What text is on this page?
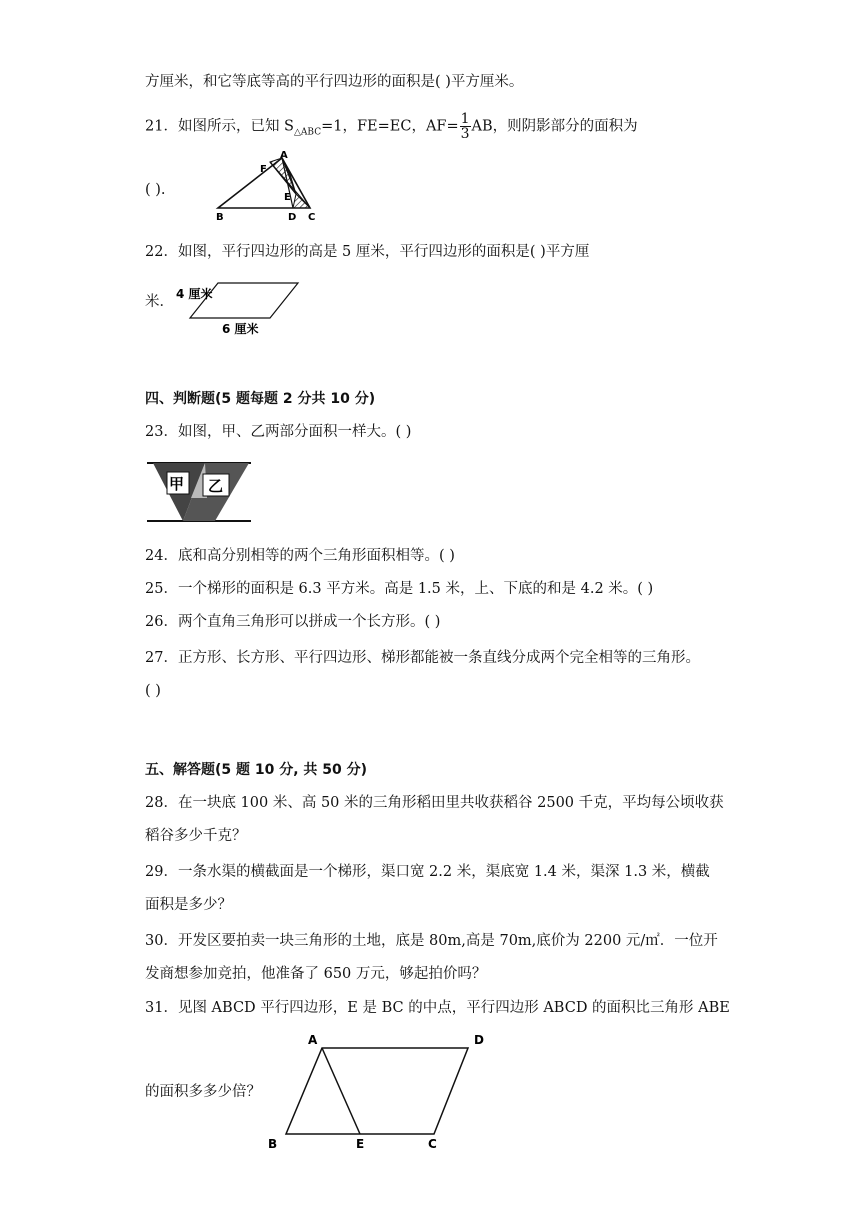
方厘米，和它等底等高的平行四边形的面积是( )平方厘米。
21．如图所示，已知 $S_{\triangle ABC}=1$，FE=EC，$AF= \frac{1}{3}$ AB，则阴影部分的面积为
( ).
A
F
E
B	D C
22．如图，平行四边形的高是 5 厘米，平行四边形的面积是( )平方厘
米． 4 厘米
6 厘米
四、判断题(5 题每题 2 分共 10 分)
23．如图，甲、乙两部分面积一样大。( )
甲 乙
24．底和高分别相等的两个三角形面积相等。( )
25．一个梯形的面积是 6.3 平方米。高是 1.5 米，上、下底的和是 4.2 米。( )
26．两个直角三角形可以拼成一个长方形。( )
27．正方形、长方形、平行四边形、梯形都能被一条直线分成两个完全相等的三角形。
( )
五、解答题(5 题 10 分, 共 50 分)
28．在一块底 100 米、高 50 米的三角形稻田里共收获稻谷 2500 千克，平均每公顷收获
稻谷多少千克？
29．一条水渠的横截面是一个梯形，渠口宽 2.2 米，渠底宽 1.4 米，渠深 1.3 米，横截
面积是多少？
30．开发区要拍卖一块三角形的土地，底是 80m,高是 70m,底价为 2200 元/㎡．一位开
发商想参加竞拍，他准备了 650 万元，够起拍价吗？
31．见图 ABCD 平行四边形，E 是 BC 的中点，平行四边形 ABCD 的面积比三角形 ABE
的面积多多少倍？
A	D
B	E	C
